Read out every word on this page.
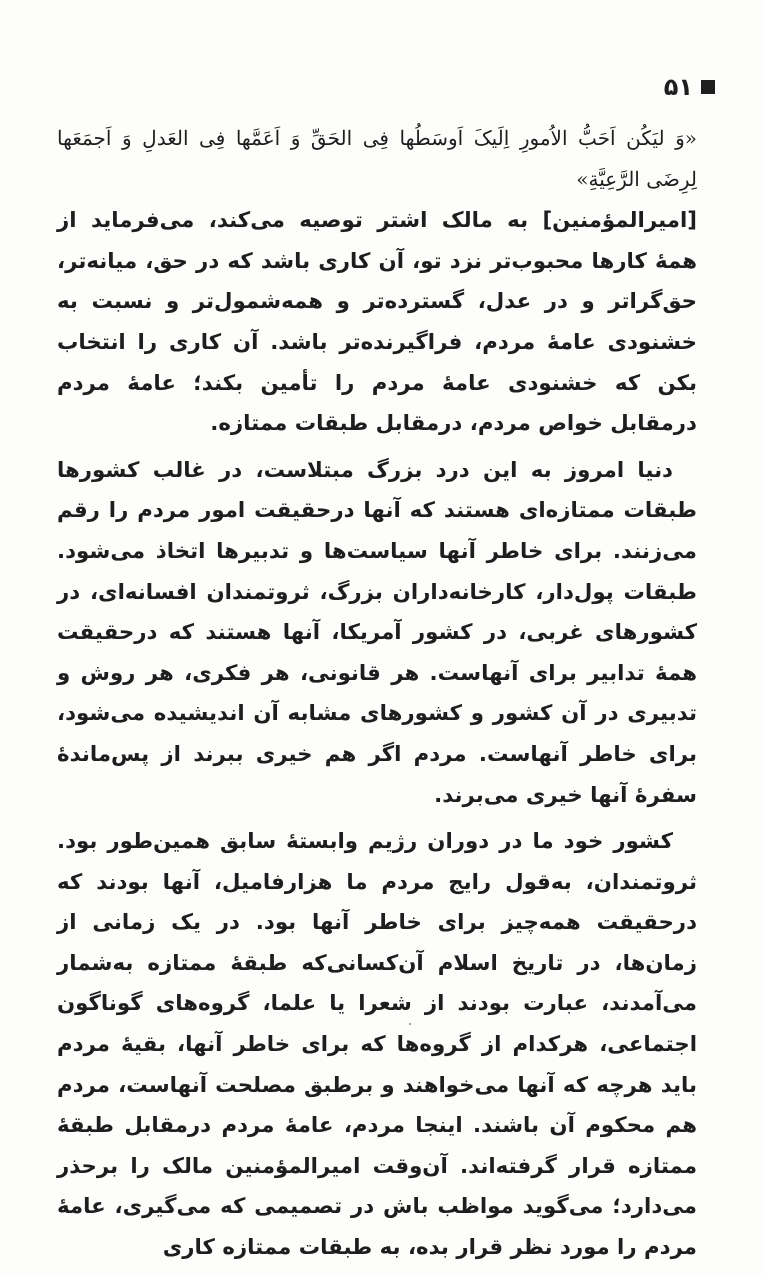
۵۱

«وَ لیَکُن اَحَبُّ الاُمورِ اِلَیکَ اَوسَطُها فِی الحَقِّ وَ اَعَمَّها فِی العَدلِ وَ اَجمَعَها لِرِضَی الرَّعِیَّةِ»

[امیرالمؤمنین] به مالک اشتر توصیه می‌کند، می‌فرماید از همهٔ کارها محبوب‌تر نزد تو، آن کاری باشد که در حق، میانه‌تر، حق‌گراتر و در عدل، گسترده‌تر و همه‌شمول‌تر و نسبت به خشنودی عامهٔ مردم، فراگیرنده‌تر باشد. آن کاری را انتخاب بکن که خشنودی عامهٔ مردم را تأمین بکند؛ عامهٔ مردم درمقابل خواص مردم، درمقابل طبقات ممتازه.

دنیا امروز به این درد بزرگ مبتلاست، در غالب کشورها طبقات ممتازه‌ای هستند که آنها درحقیقت امور مردم را رقم می‌زنند. برای خاطر آنها سیاست‌ها و تدبیرها اتخاذ می‌شود. طبقات پول‌دار، کارخانه‌داران بزرگ، ثروتمندان افسانه‌ای، در کشورهای غربی، در کشور آمریکا، آنها هستند که درحقیقت همهٔ تدابیر برای آنهاست. هر قانونی، هر فکری، هر روش و تدبیری در آن کشور و کشورهای مشابه آن اندیشیده می‌شود، برای خاطر آنهاست. مردم اگر هم خیری ببرند از پس‌ماندهٔ سفرهٔ آنها خیری می‌برند.

کشور خود ما در دوران رژیم وابستهٔ سابق همین‌طور بود. ثروتمندان، به‌قول رایج مردم ما هزارفامیل، آنها بودند که درحقیقت همه‌چیز برای خاطر آنها بود. در یک زمانی از زمان‌ها، در تاریخ اسلام آن‌کسانی‌که طبقهٔ ممتازه به‌شمار می‌آمدند، عبارت بودند از شعرا یا علما، گروه‌های گوناگون اجتماعی، هرکدام از گروه‌ها که برای خاطر آنها، بقیهٔ مردم باید هرچه که آنها می‌خواهند و برطبق مصلحت آنهاست، مردم هم محکوم آن باشند. اینجا مردم، عامهٔ مردم درمقابل طبقهٔ ممتازه قرار گرفته‌اند. آن‌وقت امیرالمؤمنین مالک را برحذر می‌دارد؛ می‌گوید مواظب باش در تصمیمی که می‌گیری، عامهٔ مردم را مورد نظر قرار بده، به طبقات ممتازه کاری
